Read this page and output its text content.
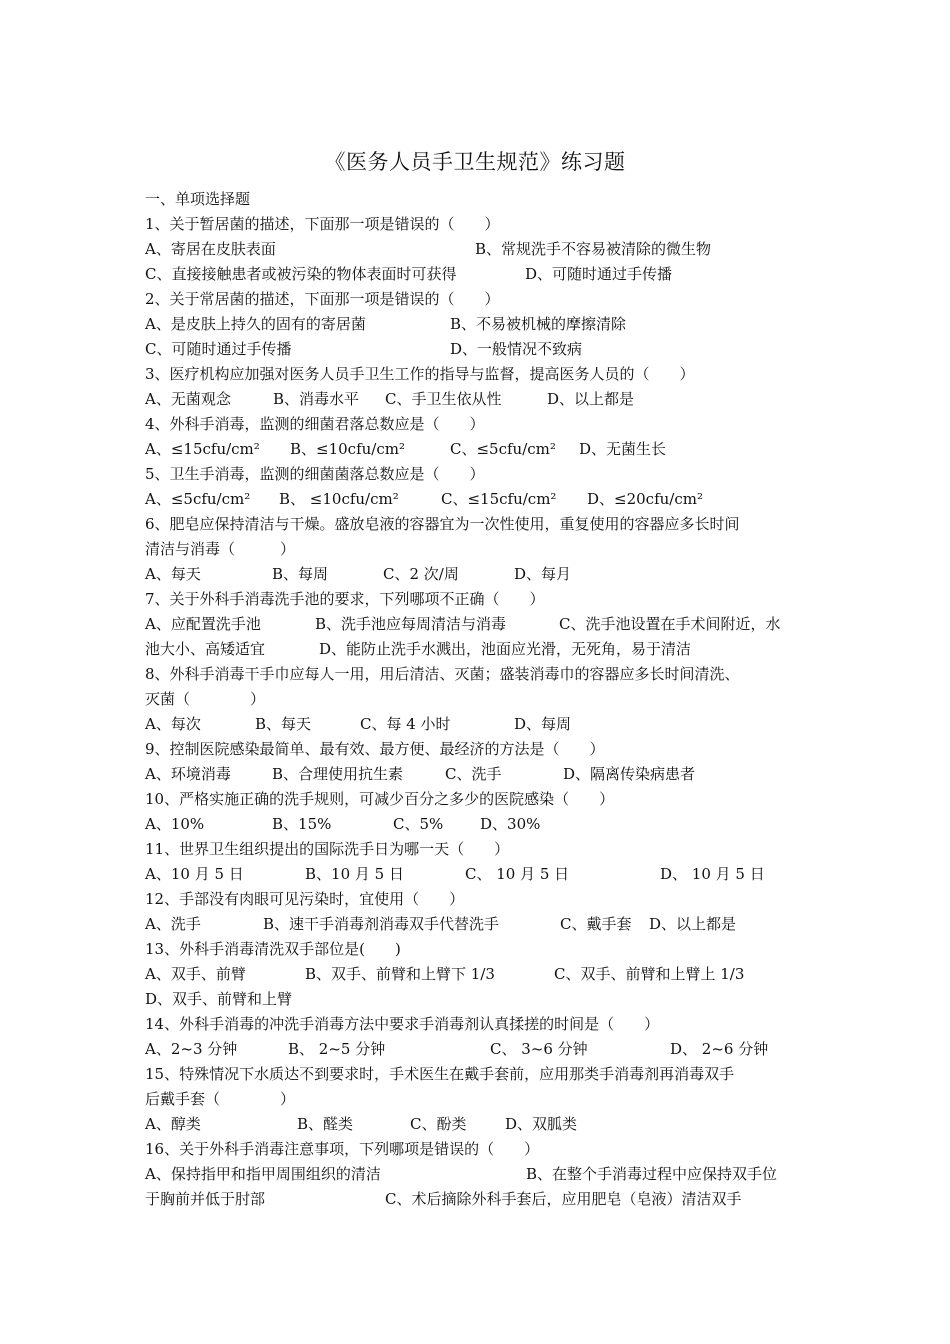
《医务人员手卫生规范》练习题
一、单项选择题
1、关于暂居菌的描述，下面那一项是错误的（　　）
A、寄居在皮肤表面	B、常规洗手不容易被清除的微生物
C、直接接触患者或被污染的物体表面时可获得	D、可随时通过手传播
2、关于常居菌的描述，下面那一项是错误的（　　）
A、是皮肤上持久的固有的寄居菌	B、不易被机械的摩擦清除
C、可随时通过手传播	D、一般情况不致病
3、医疗机构应加强对医务人员手卫生工作的指导与监督，提高医务人员的（　　）
A、无菌观念	B、消毒水平 C、手卫生依从性	D、以上都是
4、外科手消毒，监测的细菌君落总数应是（　　）
A、≤15cfu/cm² B、≤10cfu/cm²	C、≤5cfu/cm² D、无菌生长
5、卫生手消毒，监测的细菌菌落总数应是（　　）
A、≤5cfu/cm² B、 ≤10cfu/cm²	C、≤15cfu/cm² D、≤20cfu/cm²
6、肥皂应保持清洁与干燥。盛放皂液的容器宜为一次性使用，重复使用的容器应多长时间
清洁与消毒（　　　）
A、每天	B、每周	C、2 次/周	D、每月
7、关于外科手消毒洗手池的要求，下列哪项不正确（　　）
A、应配置洗手池	B、洗手池应每周清洁与消毒	C、洗手池设置在手术间附近，水
池大小、高矮适宜	D、能防止洗手水溅出，池面应光滑，无死角，易于清洁
8、外科手消毒干手巾应每人一用，用后清洁、灭菌；盛装消毒巾的容器应多长时间清洗、
灭菌（　　　　）
A、每次	B、每天	C、每 4 小时	D、每周
9、控制医院感染最简单、最有效、最方便、最经济的方法是（　　）
A、环境消毒	B、合理使用抗生素	C、洗手	D、隔离传染病患者
10、严格实施正确的洗手规则，可减少百分之多少的医院感染（　　）
A、10%	B、15%	C、5% D、30%
11、世界卫生组织提出的国际洗手日为哪一天（　　）
A、10 月 5 日	B、10 月 5 日	C、 10 月 5 日	D、 10 月 5 日
12、手部没有肉眼可见污染时，宜使用（　　）
A、洗手	B、速干手消毒剂消毒双手代替洗手	C、戴手套 D、以上都是
13、外科手消毒清洗双手部位是(　　)
A、双手、前臂	B、双手、前臂和上臂下 1/3	C、双手、前臂和上臂上 1/3
D、双手、前臂和上臂
14、外科手消毒的冲洗手消毒方法中要求手消毒剂认真揉搓的时间是（　　）
A、2~3 分钟	B、 2~5 分钟	C、 3~6 分钟	D、 2~6 分钟
15、特殊情况下水质达不到要求时，手术医生在戴手套前，应用那类手消毒剂再消毒双手
后戴手套（　　　　）
A、醇类	B、醛类	C、酚类	D、双胍类
16、关于外科手消毒注意事项，下列哪项是错误的（　　）
A、保持指甲和指甲周围组织的清洁	B、在整个手消毒过程中应保持双手位
于胸前并低于肘部	C、术后摘除外科手套后，应用肥皂（皂液）清洁双手
